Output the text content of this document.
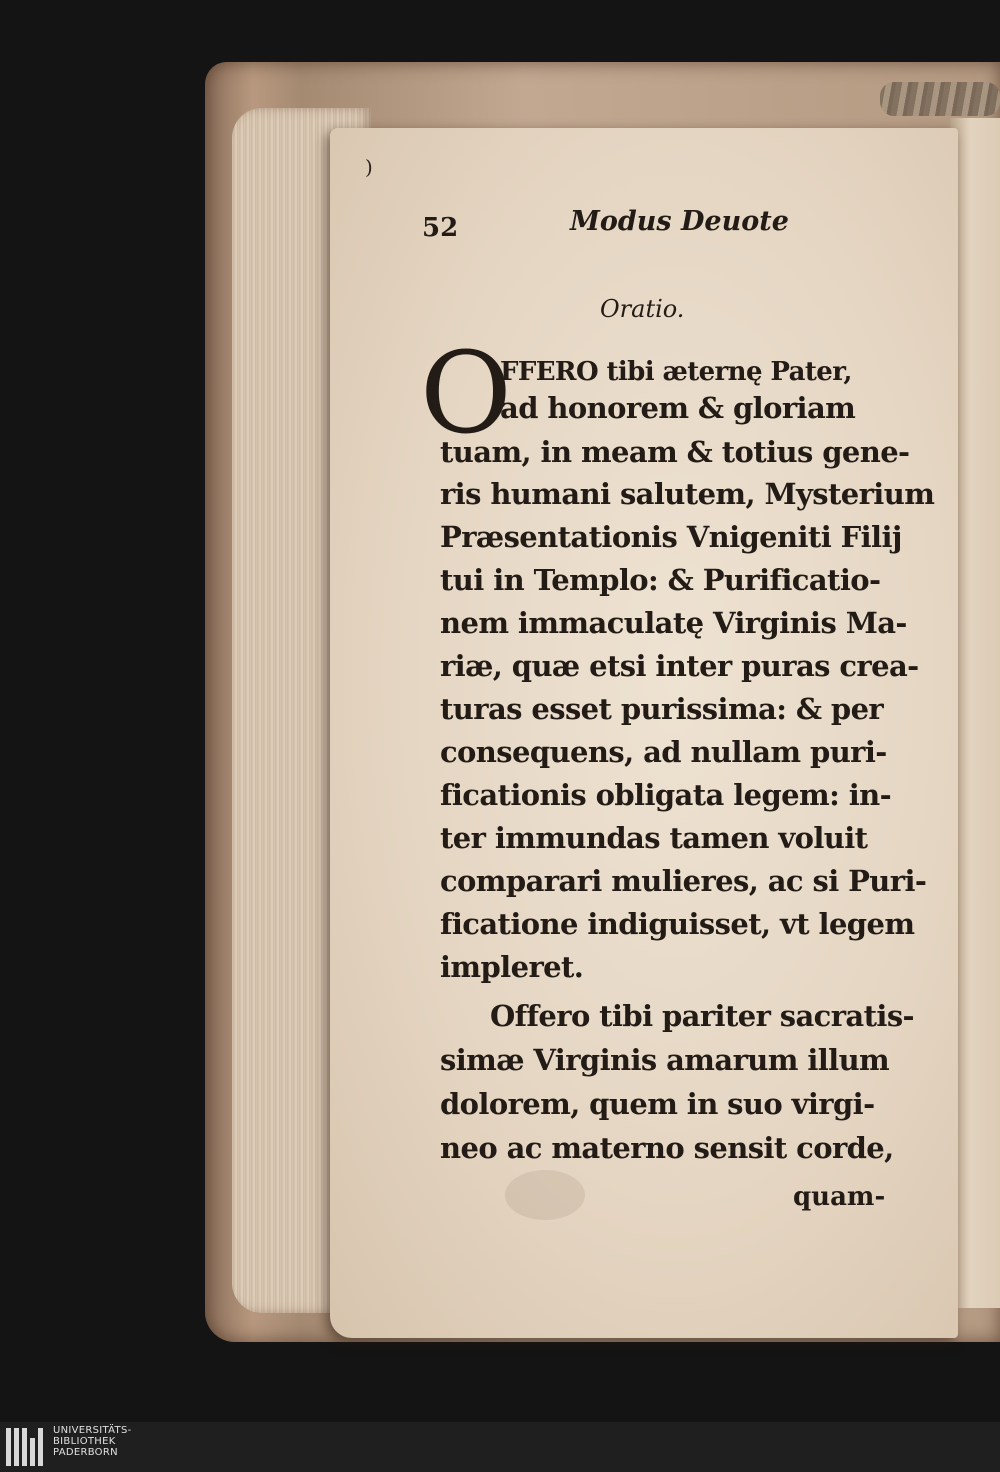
)
52	Modus Deuote
Oratio.
O
FFERO tibi æternę Pater,
ad honorem & gloriam
tuam, in meam & totius gene-
ris humani salutem, Mysterium
Præsentationis Vnigeniti Filij
tui in Templo: & Purificatio-
nem immaculatę Virginis Ma-
riæ, quæ etsi inter puras crea-
turas esset purissima: & per
consequens, ad nullam puri-
ficationis obligata legem: in-
ter immundas tamen voluit
comparari mulieres, ac si Puri-
ficatione indiguisset, vt legem
impleret.
Offero tibi pariter sacratis-
simæ Virginis amarum illum
dolorem, quem in suo virgi-
neo ac materno sensit corde,
quam-
UNIVERSITÄTS-
BIBLIOTHEK
PADERBORN
